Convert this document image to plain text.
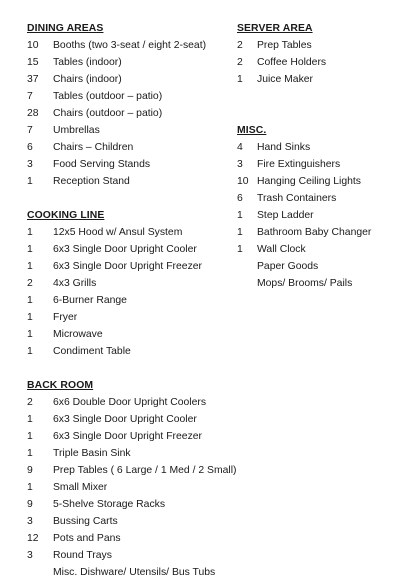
DINING AREAS
10	Booths (two 3-seat / eight 2-seat)
15	Tables (indoor)
37	Chairs (indoor)
7	Tables (outdoor – patio)
28	Chairs (outdoor – patio)
7	Umbrellas
6	Chairs – Children
3	Food Serving Stands
1	Reception Stand
COOKING LINE
1	12x5 Hood w/ Ansul System
1	6x3 Single Door Upright Cooler
1	6x3 Single Door Upright Freezer
2	4x3 Grills
1	6-Burner Range
1	Fryer
1	Microwave
1	Condiment Table
BACK ROOM
2	6x6 Double Door Upright Coolers
1	6x3 Single Door Upright Cooler
1	6x3 Single Door Upright Freezer
1	Triple Basin Sink
9	Prep Tables ( 6 Large / 1 Med / 2 Small)
1	Small Mixer
9	5-Shelve Storage Racks
3	Bussing Carts
12	Pots and Pans
3	Round Trays
Misc. Dishware/ Utensils/ Bus Tubs
SERVER AREA
2	Prep Tables
2	Coffee Holders
1	Juice Maker
MISC.
4	Hand Sinks
3	Fire Extinguishers
10 Hanging Ceiling Lights
6	Trash Containers
1	Step Ladder
1	Bathroom Baby Changer
1	Wall Clock
Paper Goods
Mops/ Brooms/ Pails
